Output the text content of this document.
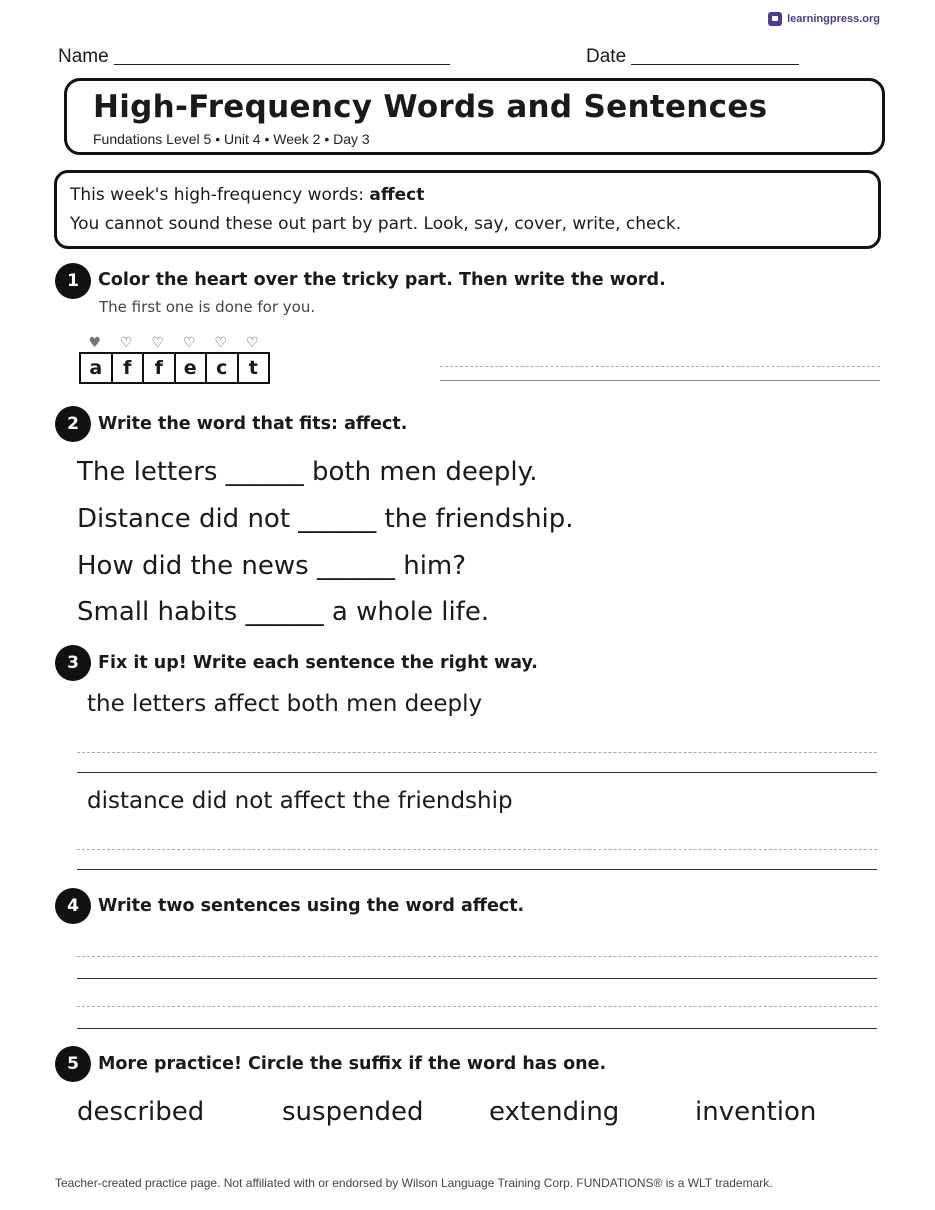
learningpress.org
Name	Date
High-Frequency Words and Sentences
Fundations Level 5 • Unit 4 • Week 2 • Day 3
This week's high-frequency words: affect
You cannot sound these out part by part. Look, say, cover, write, check.
1	Color the heart over the tricky part. Then write the word.
The first one is done for you.
♥	♡	♡	♡	♡	♡
a	f	f	e	c	t
2	Write the word that fits: affect.
The letters ______ both men deeply.
Distance did not ______ the friendship.
How did the news ______ him?
Small habits ______ a whole life.
3	Fix it up! Write each sentence the right way.
the letters affect both men deeply
distance did not affect the friendship
4	Write two sentences using the word affect.
5	More practice! Circle the suffix if the word has one.
described	suspended	extending	invention
Teacher-created practice page. Not affiliated with or endorsed by Wilson Language Training Corp. FUNDATIONS® is a WLT trademark.
